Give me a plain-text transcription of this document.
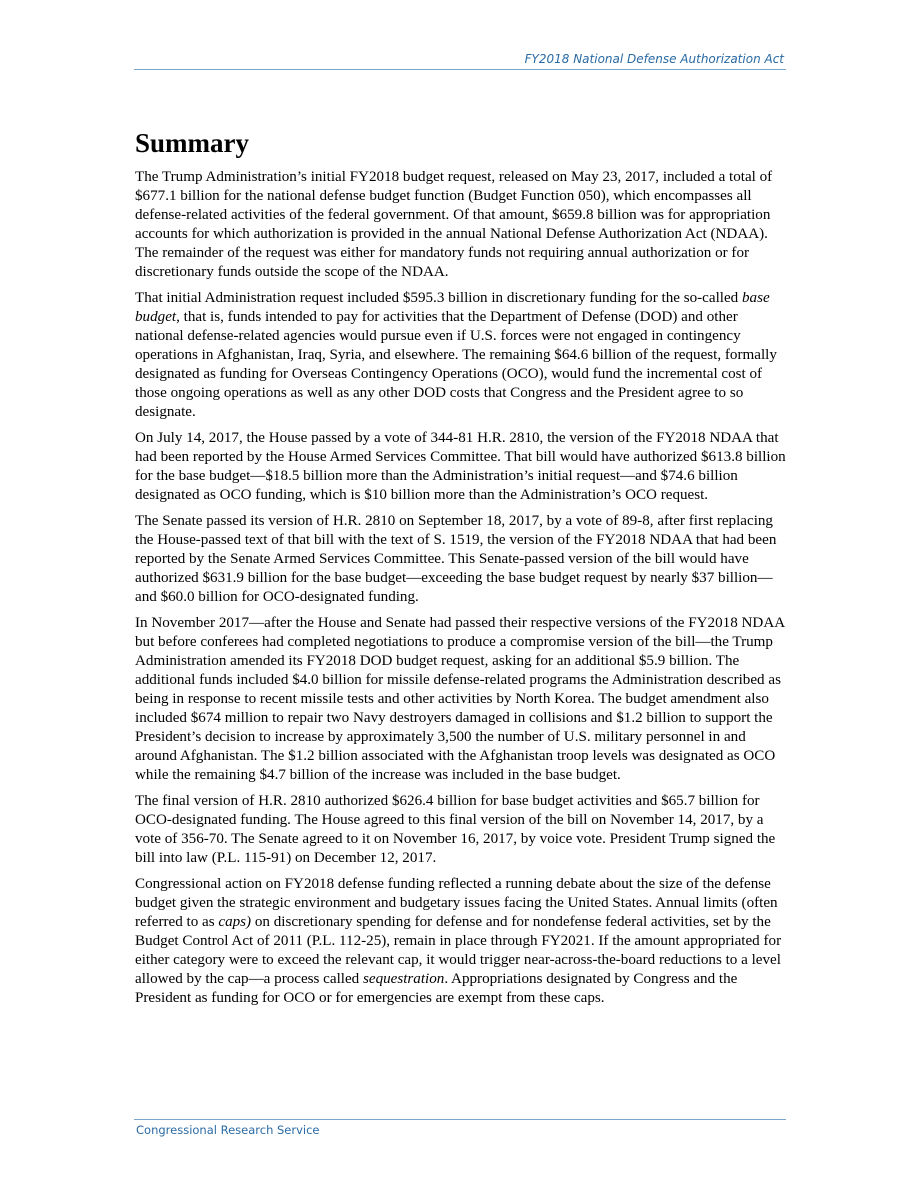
FY2018 National Defense Authorization Act
Summary

The Trump Administration’s initial FY2018 budget request, released on May 23, 2017, included a total of $677.1 billion for the national defense budget function (Budget Function 050), which encompasses all defense-related activities of the federal government. Of that amount, $659.8 billion was for appropriation accounts for which authorization is provided in the annual National Defense Authorization Act (NDAA). The remainder of the request was either for mandatory funds not requiring annual authorization or for discretionary funds outside the scope of the NDAA.

That initial Administration request included $595.3 billion in discretionary funding for the so-called base budget, that is, funds intended to pay for activities that the Department of Defense (DOD) and other national defense-related agencies would pursue even if U.S. forces were not engaged in contingency operations in Afghanistan, Iraq, Syria, and elsewhere. The remaining $64.6 billion of the request, formally designated as funding for Overseas Contingency Operations (OCO), would fund the incremental cost of those ongoing operations as well as any other DOD costs that Congress and the President agree to so designate.

On July 14, 2017, the House passed by a vote of 344-81 H.R. 2810, the version of the FY2018 NDAA that had been reported by the House Armed Services Committee. That bill would have authorized $613.8 billion for the base budget—$18.5 billion more than the Administration’s initial request—and $74.6 billion designated as OCO funding, which is $10 billion more than the Administration’s OCO request.

The Senate passed its version of H.R. 2810 on September 18, 2017, by a vote of 89-8, after first replacing the House-passed text of that bill with the text of S. 1519, the version of the FY2018 NDAA that had been reported by the Senate Armed Services Committee. This Senate-passed version of the bill would have authorized $631.9 billion for the base budget—exceeding the base budget request by nearly $37 billion—and $60.0 billion for OCO-designated funding.

In November 2017—after the House and Senate had passed their respective versions of the FY2018 NDAA but before conferees had completed negotiations to produce a compromise version of the bill—the Trump Administration amended its FY2018 DOD budget request, asking for an additional $5.9 billion. The additional funds included $4.0 billion for missile defense-related programs the Administration described as being in response to recent missile tests and other activities by North Korea. The budget amendment also included $674 million to repair two Navy destroyers damaged in collisions and $1.2 billion to support the President’s decision to increase by approximately 3,500 the number of U.S. military personnel in and around Afghanistan. The $1.2 billion associated with the Afghanistan troop levels was designated as OCO while the remaining $4.7 billion of the increase was included in the base budget.

The final version of H.R. 2810 authorized $626.4 billion for base budget activities and $65.7 billion for OCO-designated funding. The House agreed to this final version of the bill on November 14, 2017, by a vote of 356-70. The Senate agreed to it on November 16, 2017, by voice vote. President Trump signed the bill into law (P.L. 115-91) on December 12, 2017.

Congressional action on FY2018 defense funding reflected a running debate about the size of the defense budget given the strategic environment and budgetary issues facing the United States. Annual limits (often referred to as caps) on discretionary spending for defense and for nondefense federal activities, set by the Budget Control Act of 2011 (P.L. 112-25), remain in place through FY2021. If the amount appropriated for either category were to exceed the relevant cap, it would trigger near-across-the-board reductions to a level allowed by the cap—a process called sequestration. Appropriations designated by Congress and the President as funding for OCO or for emergencies are exempt from these caps.

Congressional Research Service
